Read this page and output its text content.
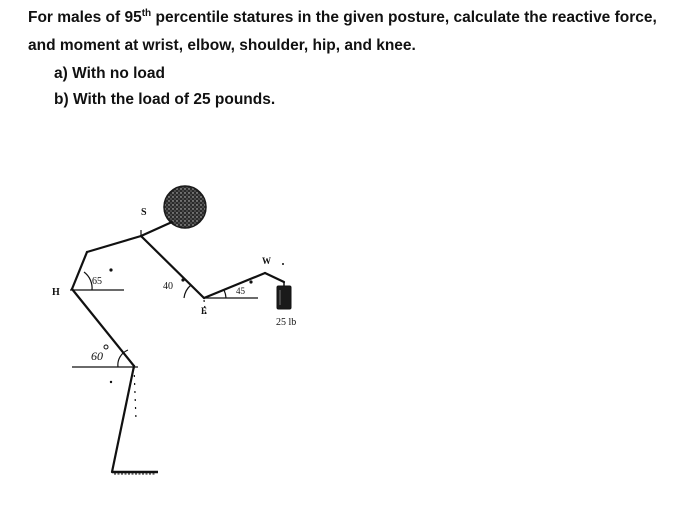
For males of 95th percentile statures in the given posture, calculate the reactive force, and moment at wrist, elbow, shoulder, hip, and knee.

a) With no load
b) With the load of 25 pounds.
S
H
E
W
65	40	45
60
25 lb
